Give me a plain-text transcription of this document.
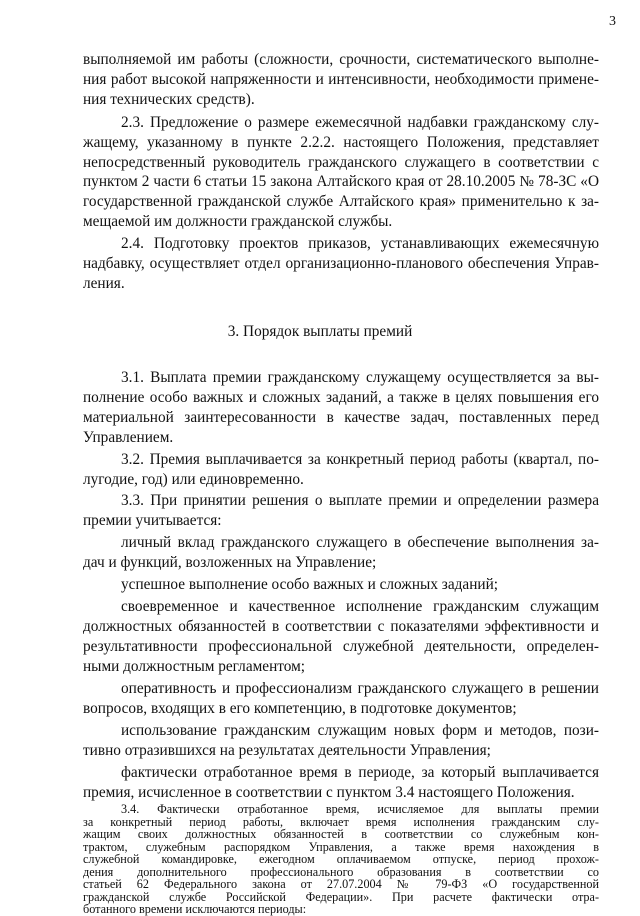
3
выполняемой им работы (сложности, срочности, систематического выполне-
ния работ высокой напряженности и интенсивности, необходимости примене-
ния технических средств).
2.3. Предложение о размере ежемесячной надбавки гражданскому слу-
жащему, указанному в пункте 2.2.2. настоящего Положения, представляет
непосредственный руководитель гражданского служащего в соответствии с
пунктом 2 части 6 статьи 15 закона Алтайского края от 28.10.2005 № 78-ЗС «О
государственной гражданской службе Алтайского края» применительно к за-
мещаемой им должности гражданской службы.
2.4. Подготовку проектов приказов, устанавливающих ежемесячную
надбавку, осуществляет отдел организационно-планового обеспечения Управ-
ления.
3. Порядок выплаты премий
3.1. Выплата премии гражданскому служащему осуществляется за вы-
полнение особо важных и сложных заданий, а также в целях повышения его
материальной заинтересованности в качестве задач, поставленных перед
Управлением.
3.2. Премия выплачивается за конкретный период работы (квартал, по-
лугодие, год) или единовременно.
3.3. При принятии решения о выплате премии и определении размера
премии учитывается:
личный вклад гражданского служащего в обеспечение выполнения за-
дач и функций, возложенных на Управление;
успешное выполнение особо важных и сложных заданий;
своевременное и качественное исполнение гражданским служащим
должностных обязанностей в соответствии с показателями эффективности и
результативности профессиональной служебной деятельности, определен-
ными должностным регламентом;
оперативность и профессионализм гражданского служащего в решении
вопросов, входящих в его компетенцию, в подготовке документов;
использование гражданским служащим новых форм и методов, пози-
тивно отразившихся на результатах деятельности Управления;
фактически отработанное время в периоде, за который выплачивается
премия, исчисленное в соответствии с пунктом 3.4 настоящего Положения.
3.4. Фактически отработанное время, исчисляемое для выплаты премии
за конкретный период работы, включает время исполнения гражданским слу-
жащим своих должностных обязанностей в соответствии со служебным кон-
трактом, служебным распорядком Управления, а также время нахождения в
служебной командировке, ежегодном оплачиваемом отпуске, период прохож-
дения дополнительного профессионального образования в соответствии со
статьей 62 Федерального закона от 27.07.2004 № 79-ФЗ «О государственной
гражданской службе Российской Федерации». При расчете фактически отра-
ботанного времени исключаются периоды:
